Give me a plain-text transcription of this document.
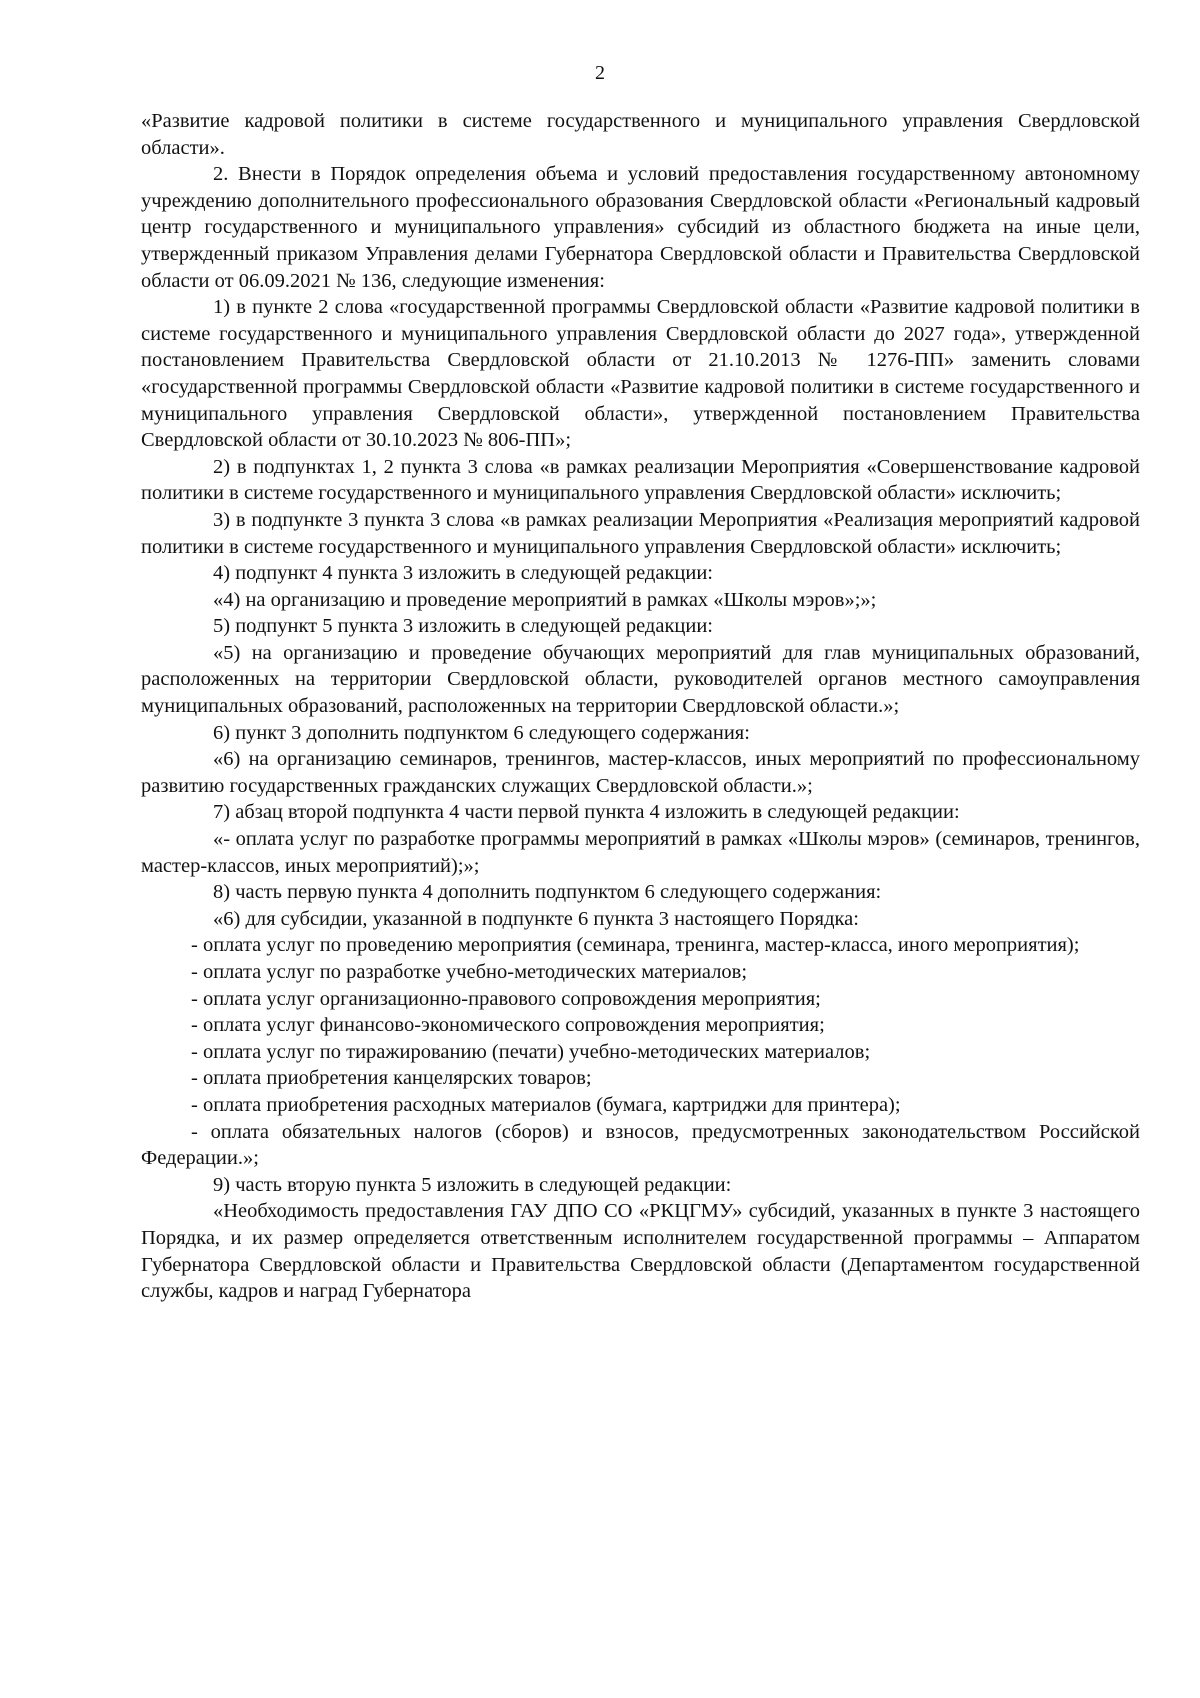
2

«Развитие кадровой политики в системе государственного и муниципального управления Свердловской области».

2. Внести в Порядок определения объема и условий предоставления государственному автономному учреждению дополнительного профессионального образования Свердловской области «Региональный кадровый центр государственного и муниципального управления» субсидий из областного бюджета на иные цели, утвержденный приказом Управления делами Губернатора Свердловской области и Правительства Свердловской области от 06.09.2021 № 136, следующие изменения:

1) в пункте 2 слова «государственной программы Свердловской области «Развитие кадровой политики в системе государственного и муниципального управления Свердловской области до 2027 года», утвержденной постановлением Правительства Свердловской области от 21.10.2013 № 1276-ПП» заменить словами «государственной программы Свердловской области «Развитие кадровой политики в системе государственного и муниципального управления Свердловской области», утвержденной постановлением Правительства Свердловской области от 30.10.2023 № 806-ПП»;

2) в подпунктах 1, 2 пункта 3 слова «в рамках реализации Мероприятия «Совершенствование кадровой политики в системе государственного и муниципального управления Свердловской области» исключить;

3) в подпункте 3 пункта 3 слова «в рамках реализации Мероприятия «Реализация мероприятий кадровой политики в системе государственного и муниципального управления Свердловской области» исключить;

4) подпункт 4 пункта 3 изложить в следующей редакции:

«4) на организацию и проведение мероприятий в рамках «Школы мэров»;»;

5) подпункт 5 пункта 3 изложить в следующей редакции:

«5) на организацию и проведение обучающих мероприятий для глав муниципальных образований, расположенных на территории Свердловской области, руководителей органов местного самоуправления муниципальных образований, расположенных на территории Свердловской области.»;

6) пункт 3 дополнить подпунктом 6 следующего содержания:

«6) на организацию семинаров, тренингов, мастер-классов, иных мероприятий по профессиональному развитию государственных гражданских служащих Свердловской области.»;

7) абзац второй подпункта 4 части первой пункта 4 изложить в следующей редакции:

«- оплата услуг по разработке программы мероприятий в рамках «Школы мэров» (семинаров, тренингов, мастер-классов, иных мероприятий);»;

8) часть первую пункта 4 дополнить подпунктом 6 следующего содержания:

«6) для субсидии, указанной в подпункте 6 пункта 3 настоящего Порядка:

- оплата услуг по проведению мероприятия (семинара, тренинга, мастер-класса, иного мероприятия);

- оплата услуг по разработке учебно-методических материалов;

- оплата услуг организационно-правового сопровождения мероприятия;

- оплата услуг финансово-экономического сопровождения мероприятия;

- оплата услуг по тиражированию (печати) учебно-методических материалов;

- оплата приобретения канцелярских товаров;

- оплата приобретения расходных материалов (бумага, картриджи для принтера);

- оплата обязательных налогов (сборов) и взносов, предусмотренных законодательством Российской Федерации.»;

9) часть вторую пункта 5 изложить в следующей редакции:

«Необходимость предоставления ГАУ ДПО СО «РКЦГМУ» субсидий, указанных в пункте 3 настоящего Порядка, и их размер определяется ответственным исполнителем государственной программы – Аппаратом Губернатора Свердловской области и Правительства Свердловской области (Департаментом государственной службы, кадров и наград Губернатора
